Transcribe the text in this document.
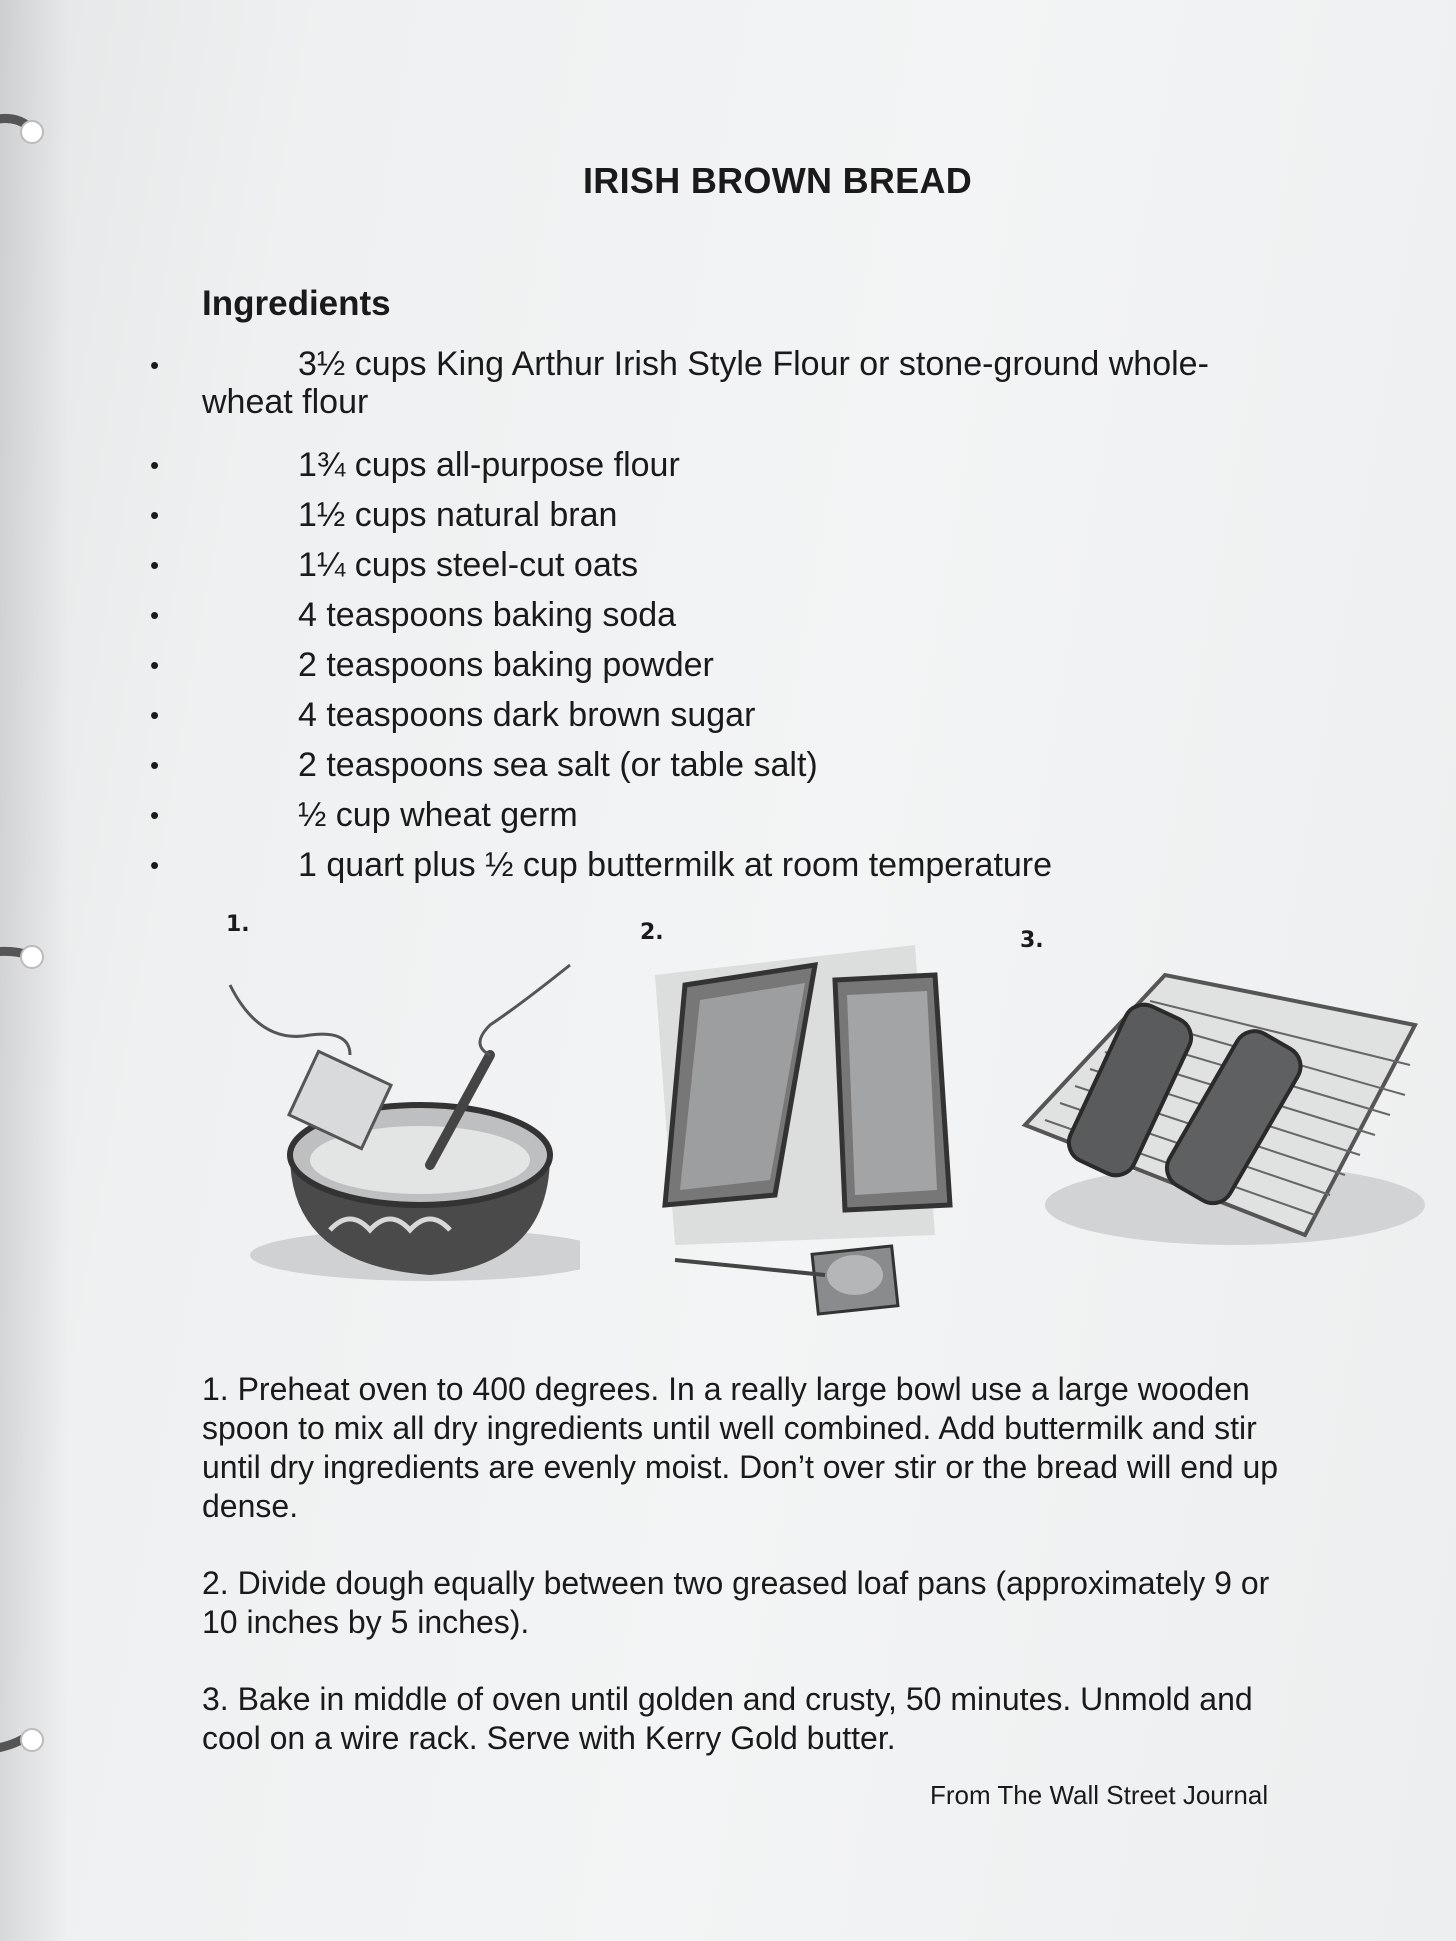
IRISH BROWN BREAD
Ingredients
•	3½ cups King Arthur Irish Style Flour or stone-ground whole-
wheat flour
•	1¾ cups all-purpose flour
•	1½ cups natural bran
•	1¼ cups steel-cut oats
•	4 teaspoons baking soda
•	2 teaspoons baking powder
•	4 teaspoons dark brown sugar
•	2 teaspoons sea salt (or table salt)
•	½ cup wheat germ
•	1 quart plus ½ cup buttermilk at room temperature
1.	2.	3.

1. Preheat oven to 400 degrees. In a really large bowl use a large wooden spoon to mix all dry ingredients until well combined. Add buttermilk and stir until dry ingredients are evenly moist. Don’t over stir or the bread will end up dense.

2. Divide dough equally between two greased loaf pans (approximately 9 or 10 inches by 5 inches).

3. Bake in middle of oven until golden and crusty, 50 minutes. Unmold and cool on a wire rack. Serve with Kerry Gold butter.

From The Wall Street Journal
